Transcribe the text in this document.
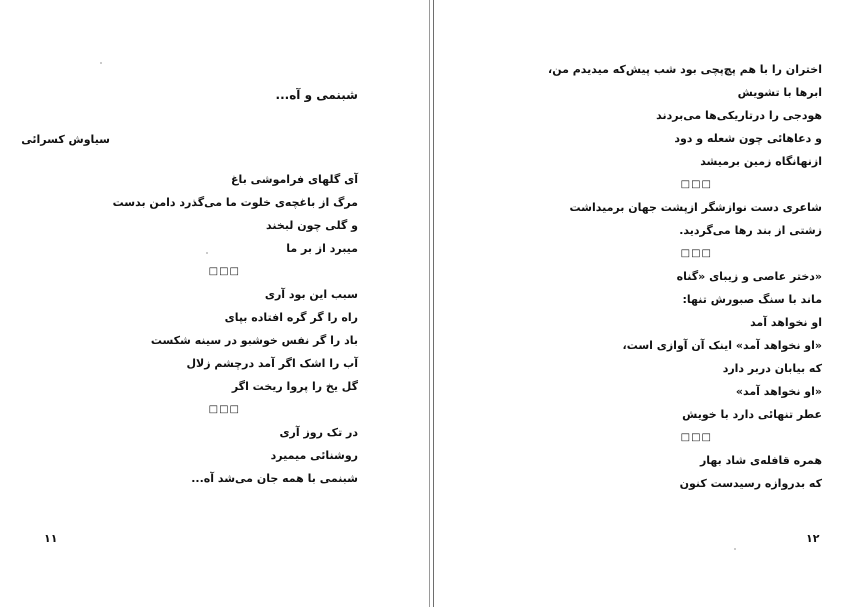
شبنمی و آه...
سیاوش کسرائی
آی گلهای فراموشی باغ
مرگ از باغچه‌ی خلوت ما می‌گذرد دامن بدست
و گلی چون لبخند
میبرد از بر ما
□□□
سبب این بود آری
راه را گر گره افتاده بپای
باد را گر نفس خوشبو در سینه شکست
آب را اشک اگر آمد درچشم زلال
گل یخ را پروا ریخت اگر
□□□
در تک روز آری
روشنائی میمیرد
شبنمی با همه جان می‌شد آه...
۱۱
اختران را با هم پچ‌پچی بود شب پیش‌که میدیدم من،
ابرها با تشویش
هودجی را درتاریکی‌ها می‌بردند
و دعاهائی چون شعله و دود
ازنهانگاه زمین برمیشد
□□□
شاعری دست نوازشگر ازپشت جهان برمیداشت
زشتی از بند رها می‌گردید.
□□□
«دختر عاصی و زیبای «گناه
ماند با سنگ صبورش تنها:
او نخواهد آمد
«او نخواهد آمد» اینک آن آوازی است،
که بیابان دربر دارد
«او نخواهد آمد»
عطر تنهائی دارد با خویش
□□□
همره قافله‌ی شاد بهار
که بدروازه رسیدست کنون
۱۲
